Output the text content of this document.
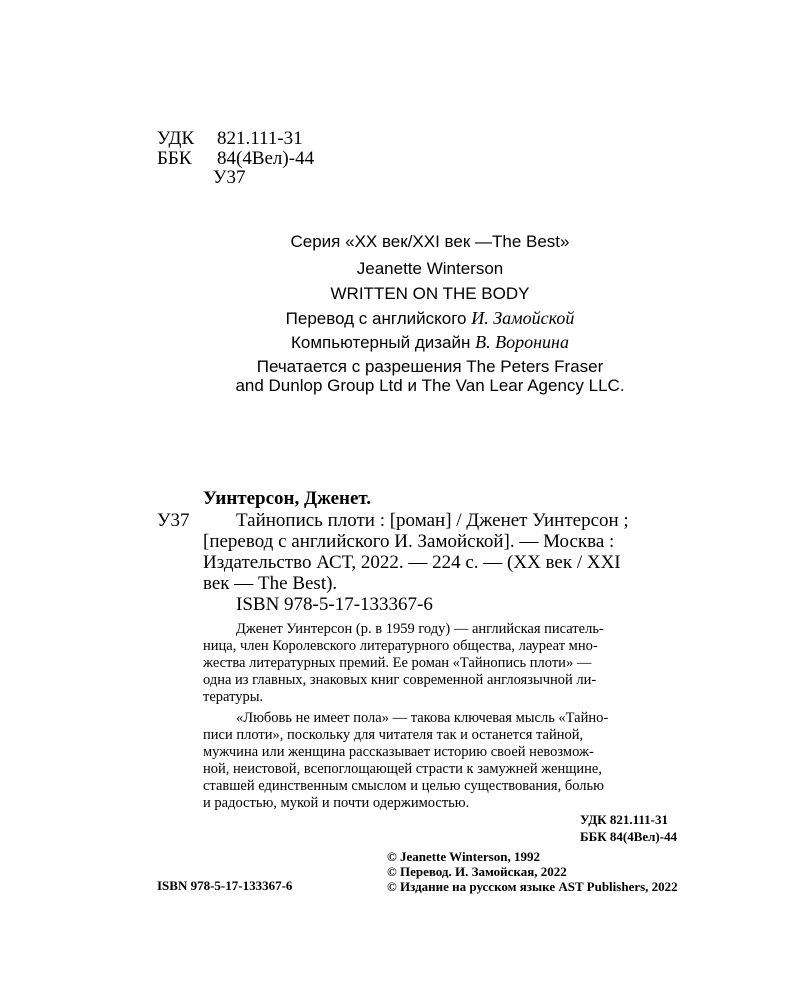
УДК 821.111-31
ББК 84(4Вел)-44
У37
Серия «XX век/XXI век —The Best»
Jeanette Winterson
WRITTEN ON THE BODY
Перевод с английского И. Замойской
Компьютерный дизайн В. Воронина
Печатается с разрешения The Peters Fraser
and Dunlop Group Ltd и The Van Lear Agency LLC.
Уинтерсон, Дженет.
У37 Тайнопись плоти : [роман] / Дженет Уинтерсон ;
[перевод с английского И. Замойской]. — Москва :
Издательство АСТ, 2022. — 224 с. — (XX век / XXI
век — The Best).
ISBN 978-5-17-133367-6
Дженет Уинтерсон (р. в 1959 году) — английская писатель-
ница, член Королевского литературного общества, лауреат мно-
жества литературных премий. Ее роман «Тайнопись плоти» —
одна из главных, знаковых книг современной англоязычной ли-
тературы.
«Любовь не имеет пола» — такова ключевая мысль «Тайно-
писи плоти», поскольку для читателя так и останется тайной,
мужчина или женщина рассказывает историю своей невозмож-
ной, неистовой, всепоглощающей страсти к замужней женщине,
ставшей единственным смыслом и целью существования, болью
и радостью, мукой и почти одержимостью.
УДК 821.111-31
ББК 84(4Вел)-44
ISBN 978-5-17-133367-6
© Jeanette Winterson, 1992
© Перевод. И. Замойская, 2022
© Издание на русском языке AST Publishers, 2022
